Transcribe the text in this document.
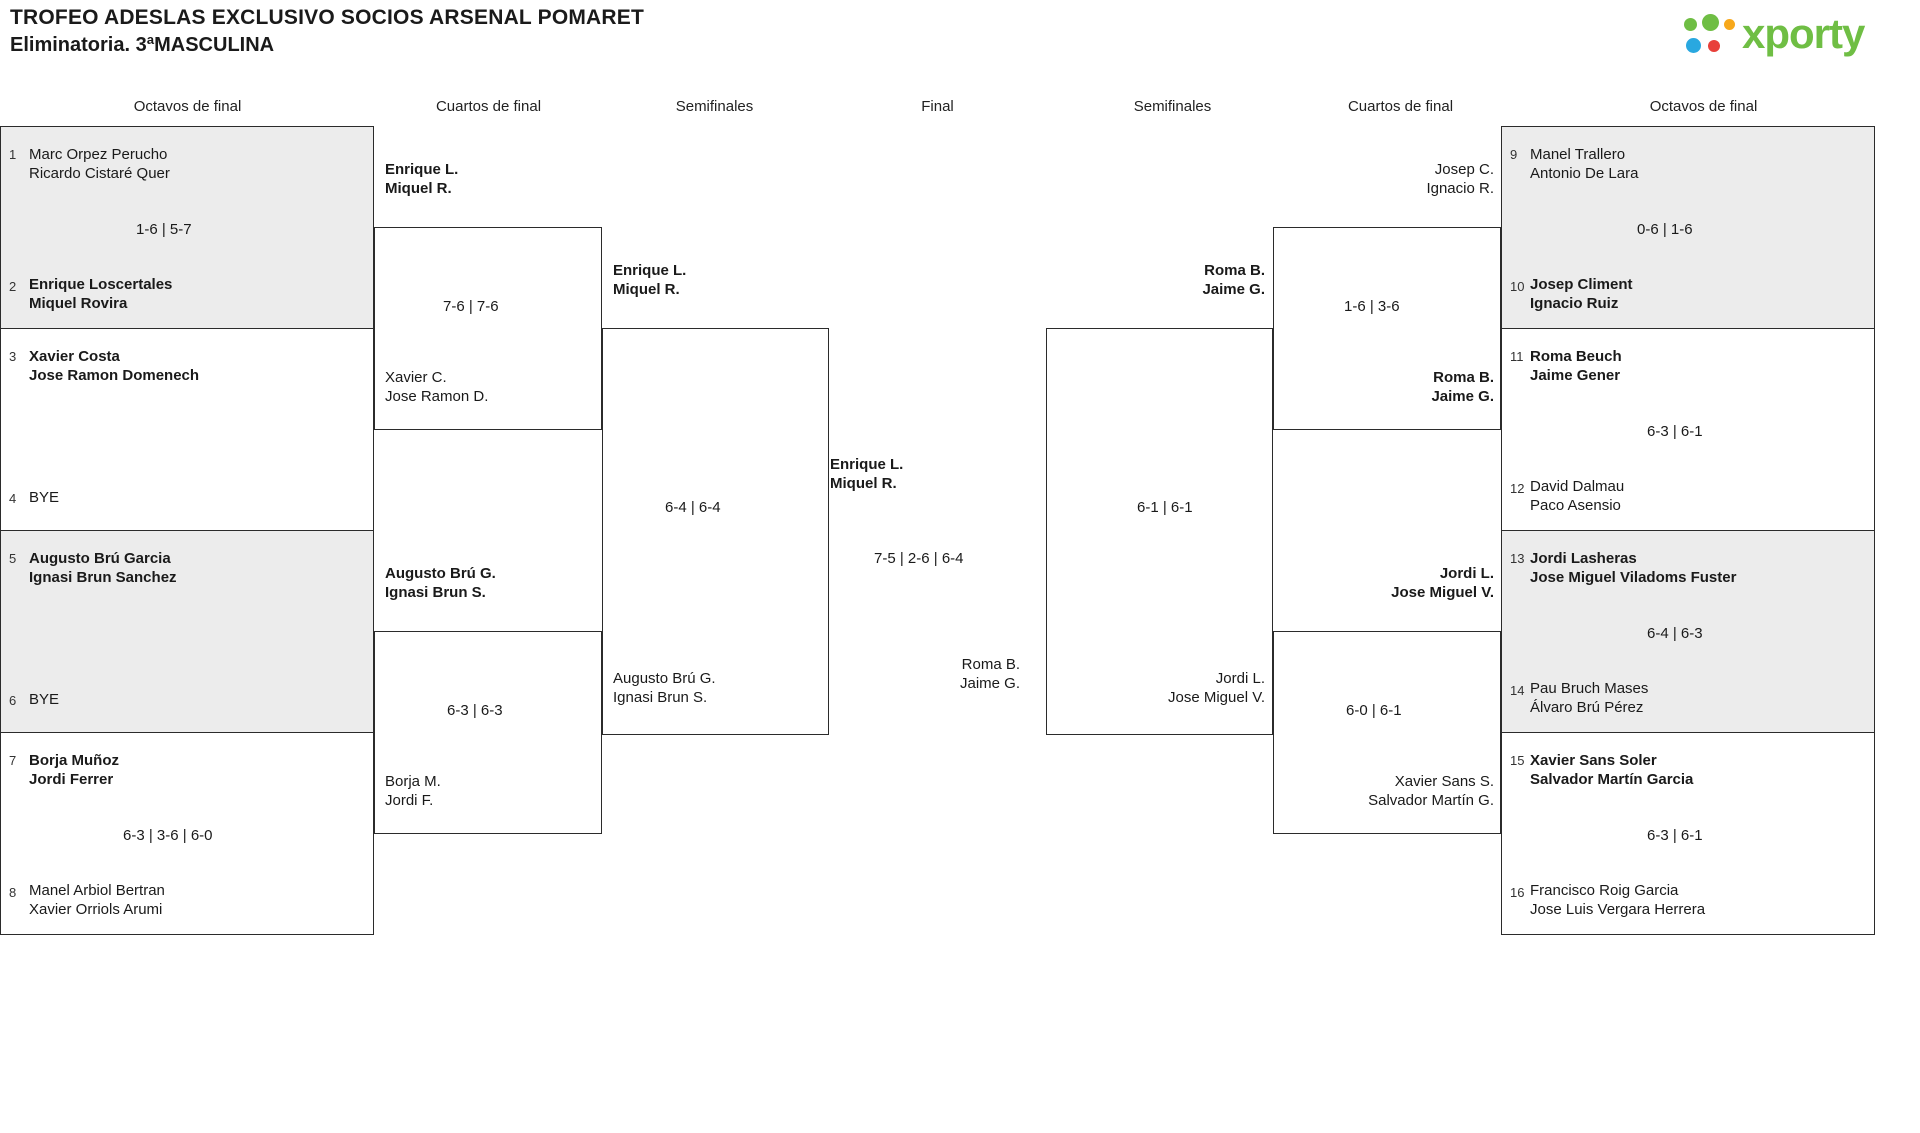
TROFEO ADESLAS EXCLUSIVO SOCIOS ARSENAL POMARET
Eliminatoria. 3ªMASCULINA	xporty
Octavos de final	Cuartos de final	Semifinales	Final	Semifinales	Cuartos de final	Octavos de final
1 Marc Orpez Perucho
Ricardo Cistaré Quer
1-6 | 5-7
2 Enrique Loscertales
Miquel Rovira
3 Xavier Costa
Jose Ramon Domenech
4 BYE
5 Augusto Brú Garcia
Ignasi Brun Sanchez
6 BYE
7 Borja Muñoz
Jordi Ferrer
6-3 | 3-6 | 6-0
8 Manel Arbiol Bertran
Xavier Orriols Arumi
Enrique L.
Miquel R.
7-6 | 7-6
Xavier C.
Jose Ramon D.
Augusto Brú G.
Ignasi Brun S.
6-3 | 6-3
Borja M.
Jordi F.
Enrique L.
Miquel R.
6-4 | 6-4
Augusto Brú G.
Ignasi Brun S.
Enrique L.
Miquel R.
7-5 | 2-6 | 6-4
Roma B.
Jaime G.
Roma B.
Jaime G.
6-1 | 6-1
Jordi L.
Jose Miguel V.
Josep C.
Ignacio R.
1-6 | 3-6
Roma B.
Jaime G.
Jordi L.
Jose Miguel V.
6-0 | 6-1
Xavier Sans S.
Salvador Martín G.
9 Manel Trallero
Antonio De Lara
0-6 | 1-6
10 Josep Climent
Ignacio Ruiz
11 Roma Beuch
Jaime Gener
6-3 | 6-1
12 David Dalmau
Paco Asensio
13 Jordi Lasheras
Jose Miguel Viladoms Fuster
6-4 | 6-3
14 Pau Bruch Mases
Álvaro Brú Pérez
15 Xavier Sans Soler
Salvador Martín Garcia
6-3 | 6-1
16 Francisco Roig Garcia
Jose Luis Vergara Herrera
